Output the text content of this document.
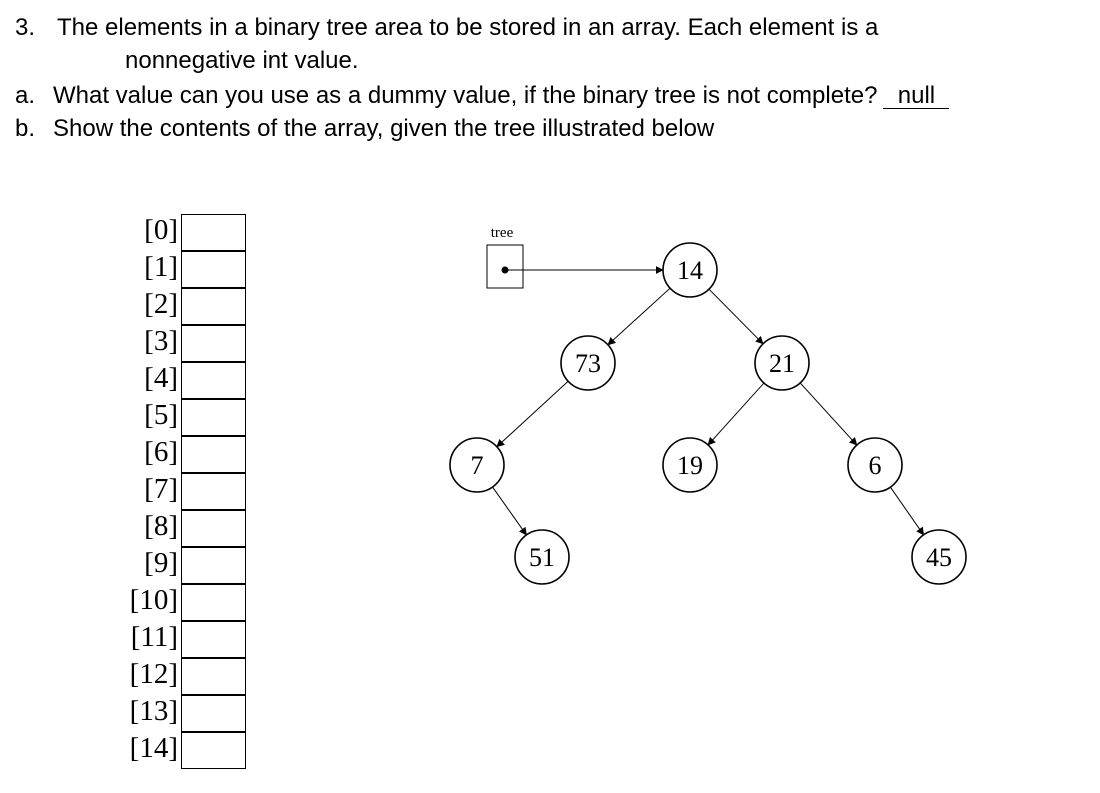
3. The elements in a binary tree area to be stored in an array. Each element is a
nonnegative int value.
a. What value can you use as a dummy value, if the binary tree is not complete? null
b. Show the contents of the array, given the tree illustrated below
[0]
[1]
[2]
[3]
[4]
[5]
[6]
[7]
[8]
[9]
[10]
[11]
[12]
[13]
[14]
tree
14
73	21
7	19	6
51	45
